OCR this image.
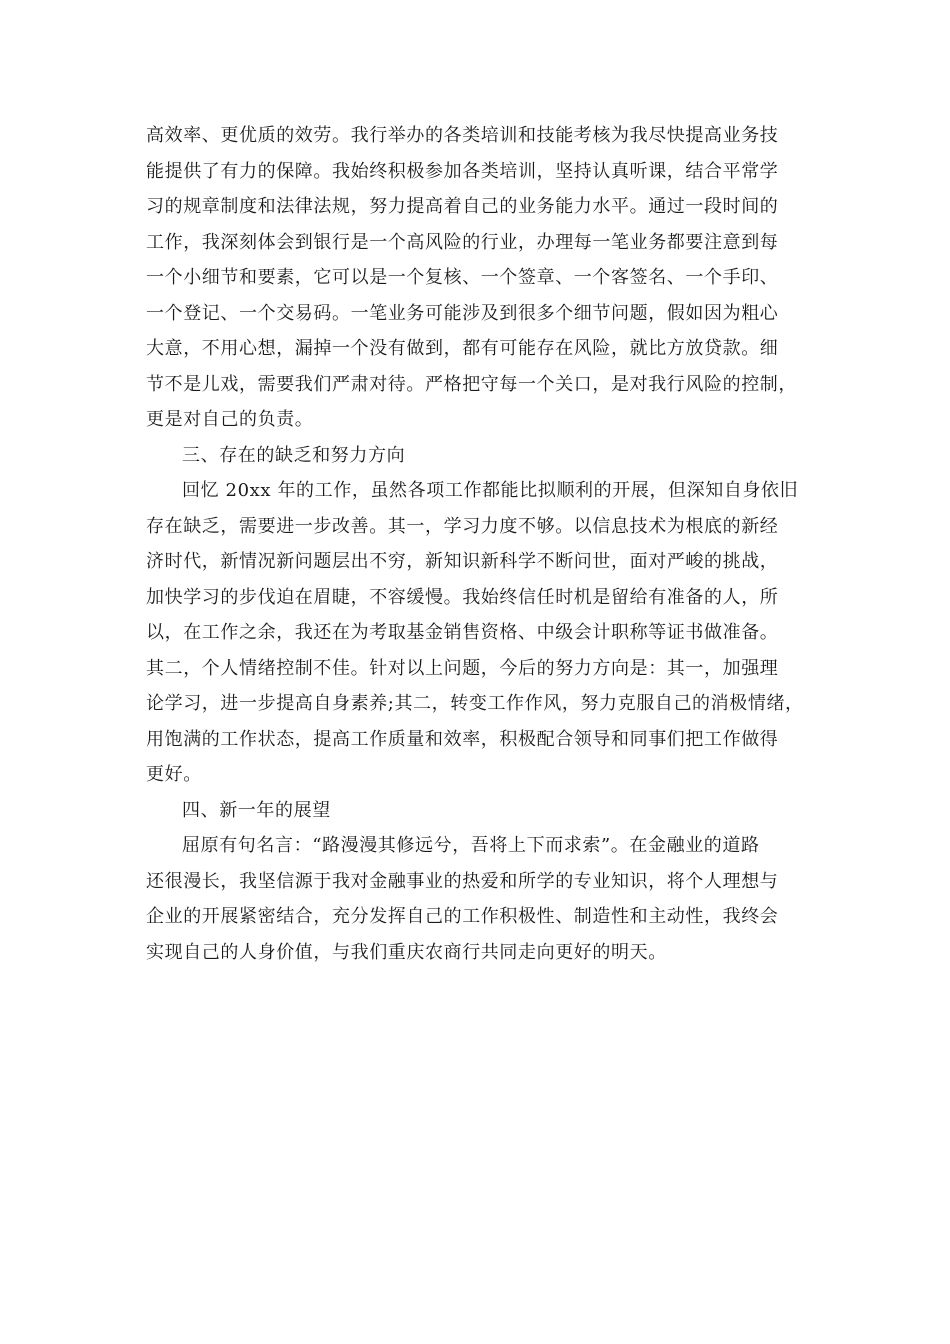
高效率、更优质的效劳。我行举办的各类培训和技能考核为我尽快提高业务技
能提供了有力的保障。我始终积极参加各类培训，坚持认真听课，结合平常学
习的规章制度和法律法规，努力提高着自己的业务能力水平。通过一段时间的
工作，我深刻体会到银行是一个高风险的行业，办理每一笔业务都要注意到每
一个小细节和要素，它可以是一个复核、一个签章、一个客签名、一个手印、
一个登记、一个交易码。一笔业务可能涉及到很多个细节问题，假如因为粗心
大意，不用心想，漏掉一个没有做到，都有可能存在风险，就比方放贷款。细
节不是儿戏，需要我们严肃对待。严格把守每一个关口，是对我行风险的控制，
更是对自己的负责。
三、存在的缺乏和努力方向
回忆 20xx 年的工作，虽然各项工作都能比拟顺利的开展，但深知自身依旧
存在缺乏，需要进一步改善。其一，学习力度不够。以信息技术为根底的新经
济时代，新情况新问题层出不穷，新知识新科学不断问世，面对严峻的挑战，
加快学习的步伐迫在眉睫，不容缓慢。我始终信任时机是留给有准备的人，所
以，在工作之余，我还在为考取基金销售资格、中级会计职称等证书做准备。
其二，个人情绪控制不佳。针对以上问题，今后的努力方向是：其一，加强理
论学习，进一步提高自身素养;其二，转变工作作风，努力克服自己的消极情绪，
用饱满的工作状态，提高工作质量和效率，积极配合领导和同事们把工作做得
更好。
四、新一年的展望
屈原有句名言：“路漫漫其修远兮，吾将上下而求索”。在金融业的道路
还很漫长，我坚信源于我对金融事业的热爱和所学的专业知识，将个人理想与
企业的开展紧密结合，充分发挥自己的工作积极性、制造性和主动性，我终会
实现自己的人身价值，与我们重庆农商行共同走向更好的明天。
